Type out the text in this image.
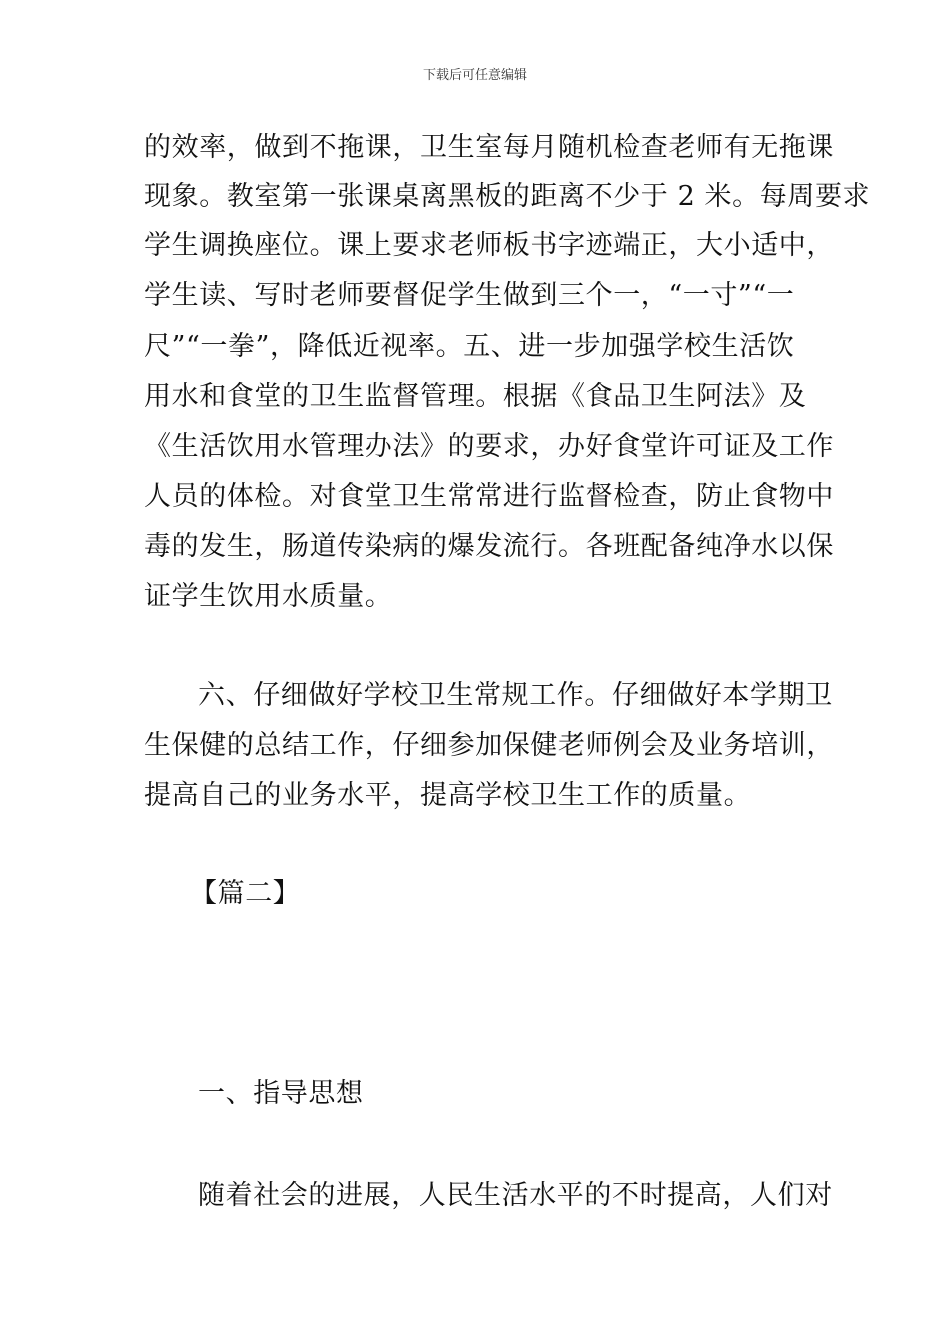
下载后可任意编辑
的效率，做到不拖课，卫生室每月随机检查老师有无拖课
现象。教室第一张课桌离黑板的距离不少于 2 米。每周要求
学生调换座位。课上要求老师板书字迹端正，大小适中，
学生读、写时老师要督促学生做到三个一，“一寸”“一
尺”“一拳”，降低近视率。五、进一步加强学校生活饮
用水和食堂的卫生监督管理。根据《食品卫生阿法》及
《生活饮用水管理办法》的要求，办好食堂许可证及工作
人员的体检。对食堂卫生常常进行监督检查，防止食物中
毒的发生，肠道传染病的爆发流行。各班配备纯净水以保
证学生饮用水质量。
六、仔细做好学校卫生常规工作。仔细做好本学期卫
生保健的总结工作，仔细参加保健老师例会及业务培训，
提高自己的业务水平，提高学校卫生工作的质量。
【篇二】
一、指导思想
随着社会的进展，人民生活水平的不时提高，人们对
